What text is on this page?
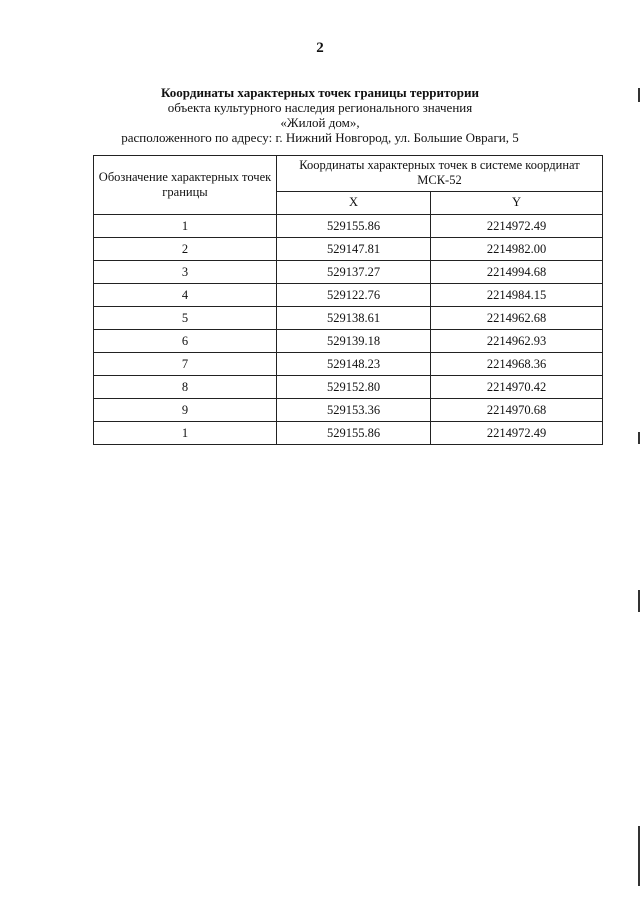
2
Координаты характерных точек границы территории
объекта культурного наследия регионального значения
«Жилой дом»,
расположенного по адресу: г. Нижний Новгород, ул. Большие Овраги, 5
Обозначение характерных точек границы	Координаты характерных точек в системе координат МСК-52	
	X	Y
1	529155.86	2214972.49
2	529147.81	2214982.00
3	529137.27	2214994.68
4	529122.76	2214984.15
5	529138.61	2214962.68
6	529139.18	2214962.93
7	529148.23	2214968.36
8	529152.80	2214970.42
9	529153.36	2214970.68
1	529155.86	2214972.49
